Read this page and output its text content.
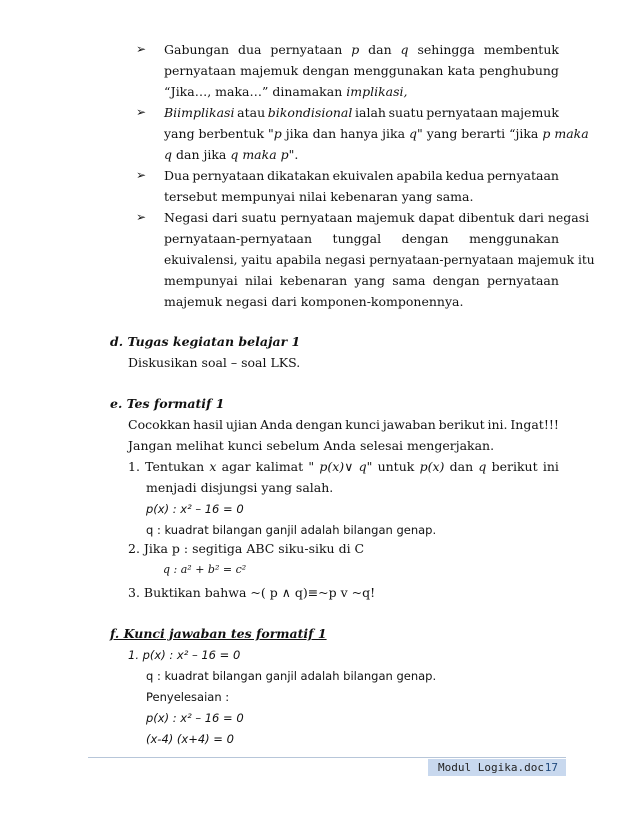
➢ Gabungan dua pernyataan p dan q sehingga membentuk
pernyataan majemuk dengan menggunakan kata penghubung
“Jika…, maka…” dinamakan implikasi,
➢ Biimplikasi atau bikondisional ialah suatu pernyataan majemuk
yang berbentuk "p jika dan hanya jika q" yang berarti “jika p maka
q dan jika q maka p".
➢ Dua pernyataan dikatakan ekuivalen apabila kedua pernyataan
tersebut mempunyai nilai kebenaran yang sama.
➢ Negasi dari suatu pernyataan majemuk dapat dibentuk dari negasi
pernyataan-pernyataan tunggal dengan menggunakan
ekuivalensi, yaitu apabila negasi pernyataan-pernyataan majemuk itu
mempunyai nilai kebenaran yang sama dengan pernyataan
majemuk negasi dari komponen-komponennya.
d. Tugas kegiatan belajar 1
Diskusikan soal – soal LKS.
e. Tes formatif 1
Cocokkan hasil ujian Anda dengan kunci jawaban berikut ini. Ingat!!!
Jangan melihat kunci sebelum Anda selesai mengerjakan.
1. Tentukan x agar kalimat " p(x)∨ q" untuk p(x) dan q berikut ini
menjadi disjungsi yang salah.
p(x) : x² – 16 = 0
q : kuadrat bilangan ganjil adalah bilangan genap.
2. Jika p : segitiga ABC siku-siku di C
q : a² + b² = c²
3. Buktikan bahwa ~( p ∧ q)≡~p v ~q!
f. Kunci jawaban tes formatif 1
1. p(x) : x² – 16 = 0
q : kuadrat bilangan ganjil adalah bilangan genap.
Penyelesaian :
p(x) : x² – 16 = 0
(x-4) (x+4) = 0
Modul Logika.doc 17
